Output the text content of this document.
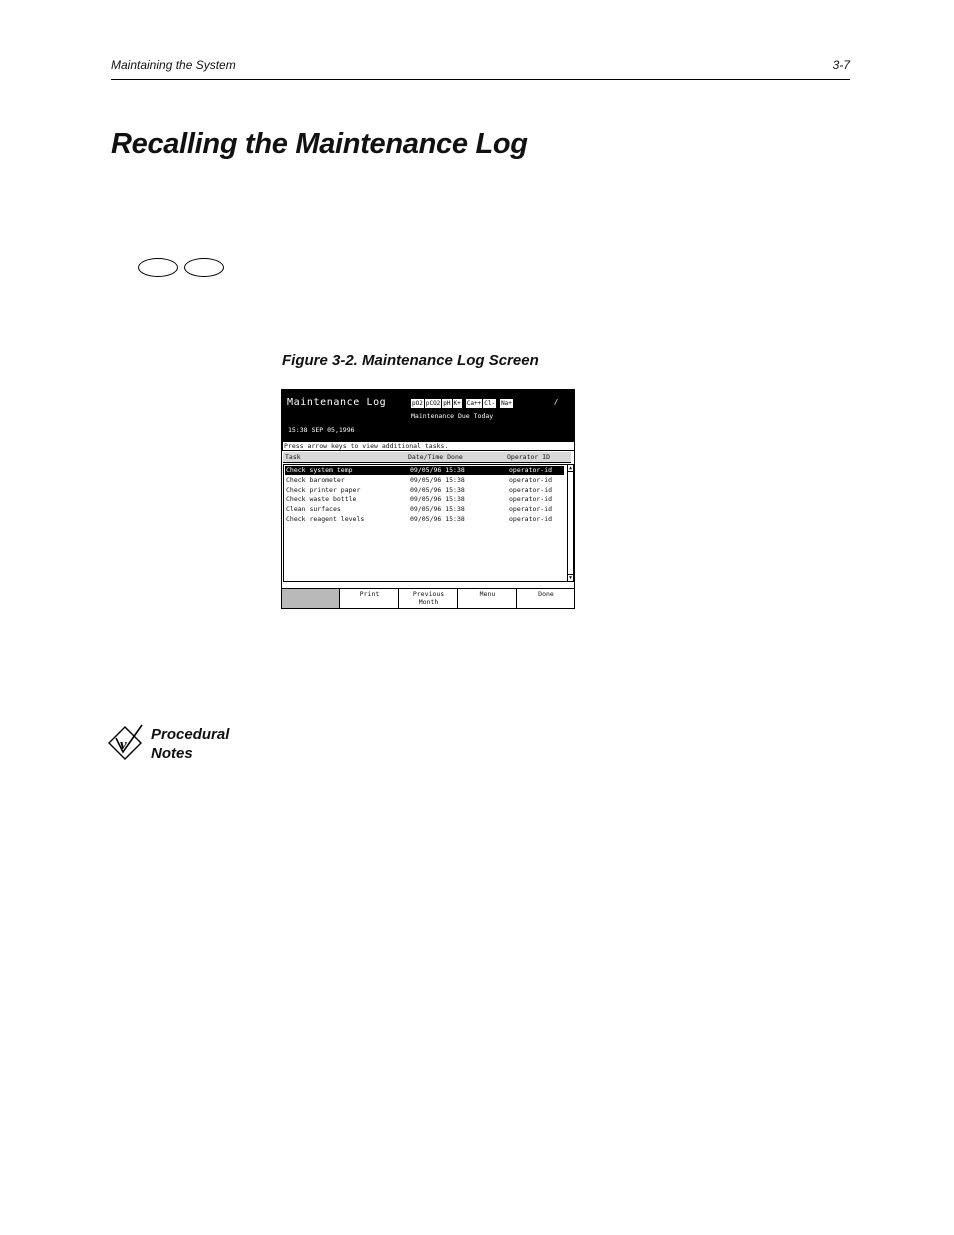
Maintaining the System	3-7
Recalling the Maintenance Log
Figure 3-2. Maintenance Log Screen
Maintenance Log	pO2 pCO2 pH K+ Ca++ Cl- Na+	/
Maintenance Due Today
15:38 SEP 05,1996
Press arrow keys to view additional tasks.
Task	Date/Time Done	Operator ID
Check system temp	09/05/96 15:38	operator-id
Check barometer	09/05/96 15:38	operator-id
Check printer paper	09/05/96 15:38	operator-id
Check waste bottle	09/05/96 15:38	operator-id
Clean surfaces	09/05/96 15:38	operator-id
Check reagent levels	09/05/96 15:38	operator-id
▲
▼
Print	Previous
Month
Menu	Done
v
Procedural
Notes
